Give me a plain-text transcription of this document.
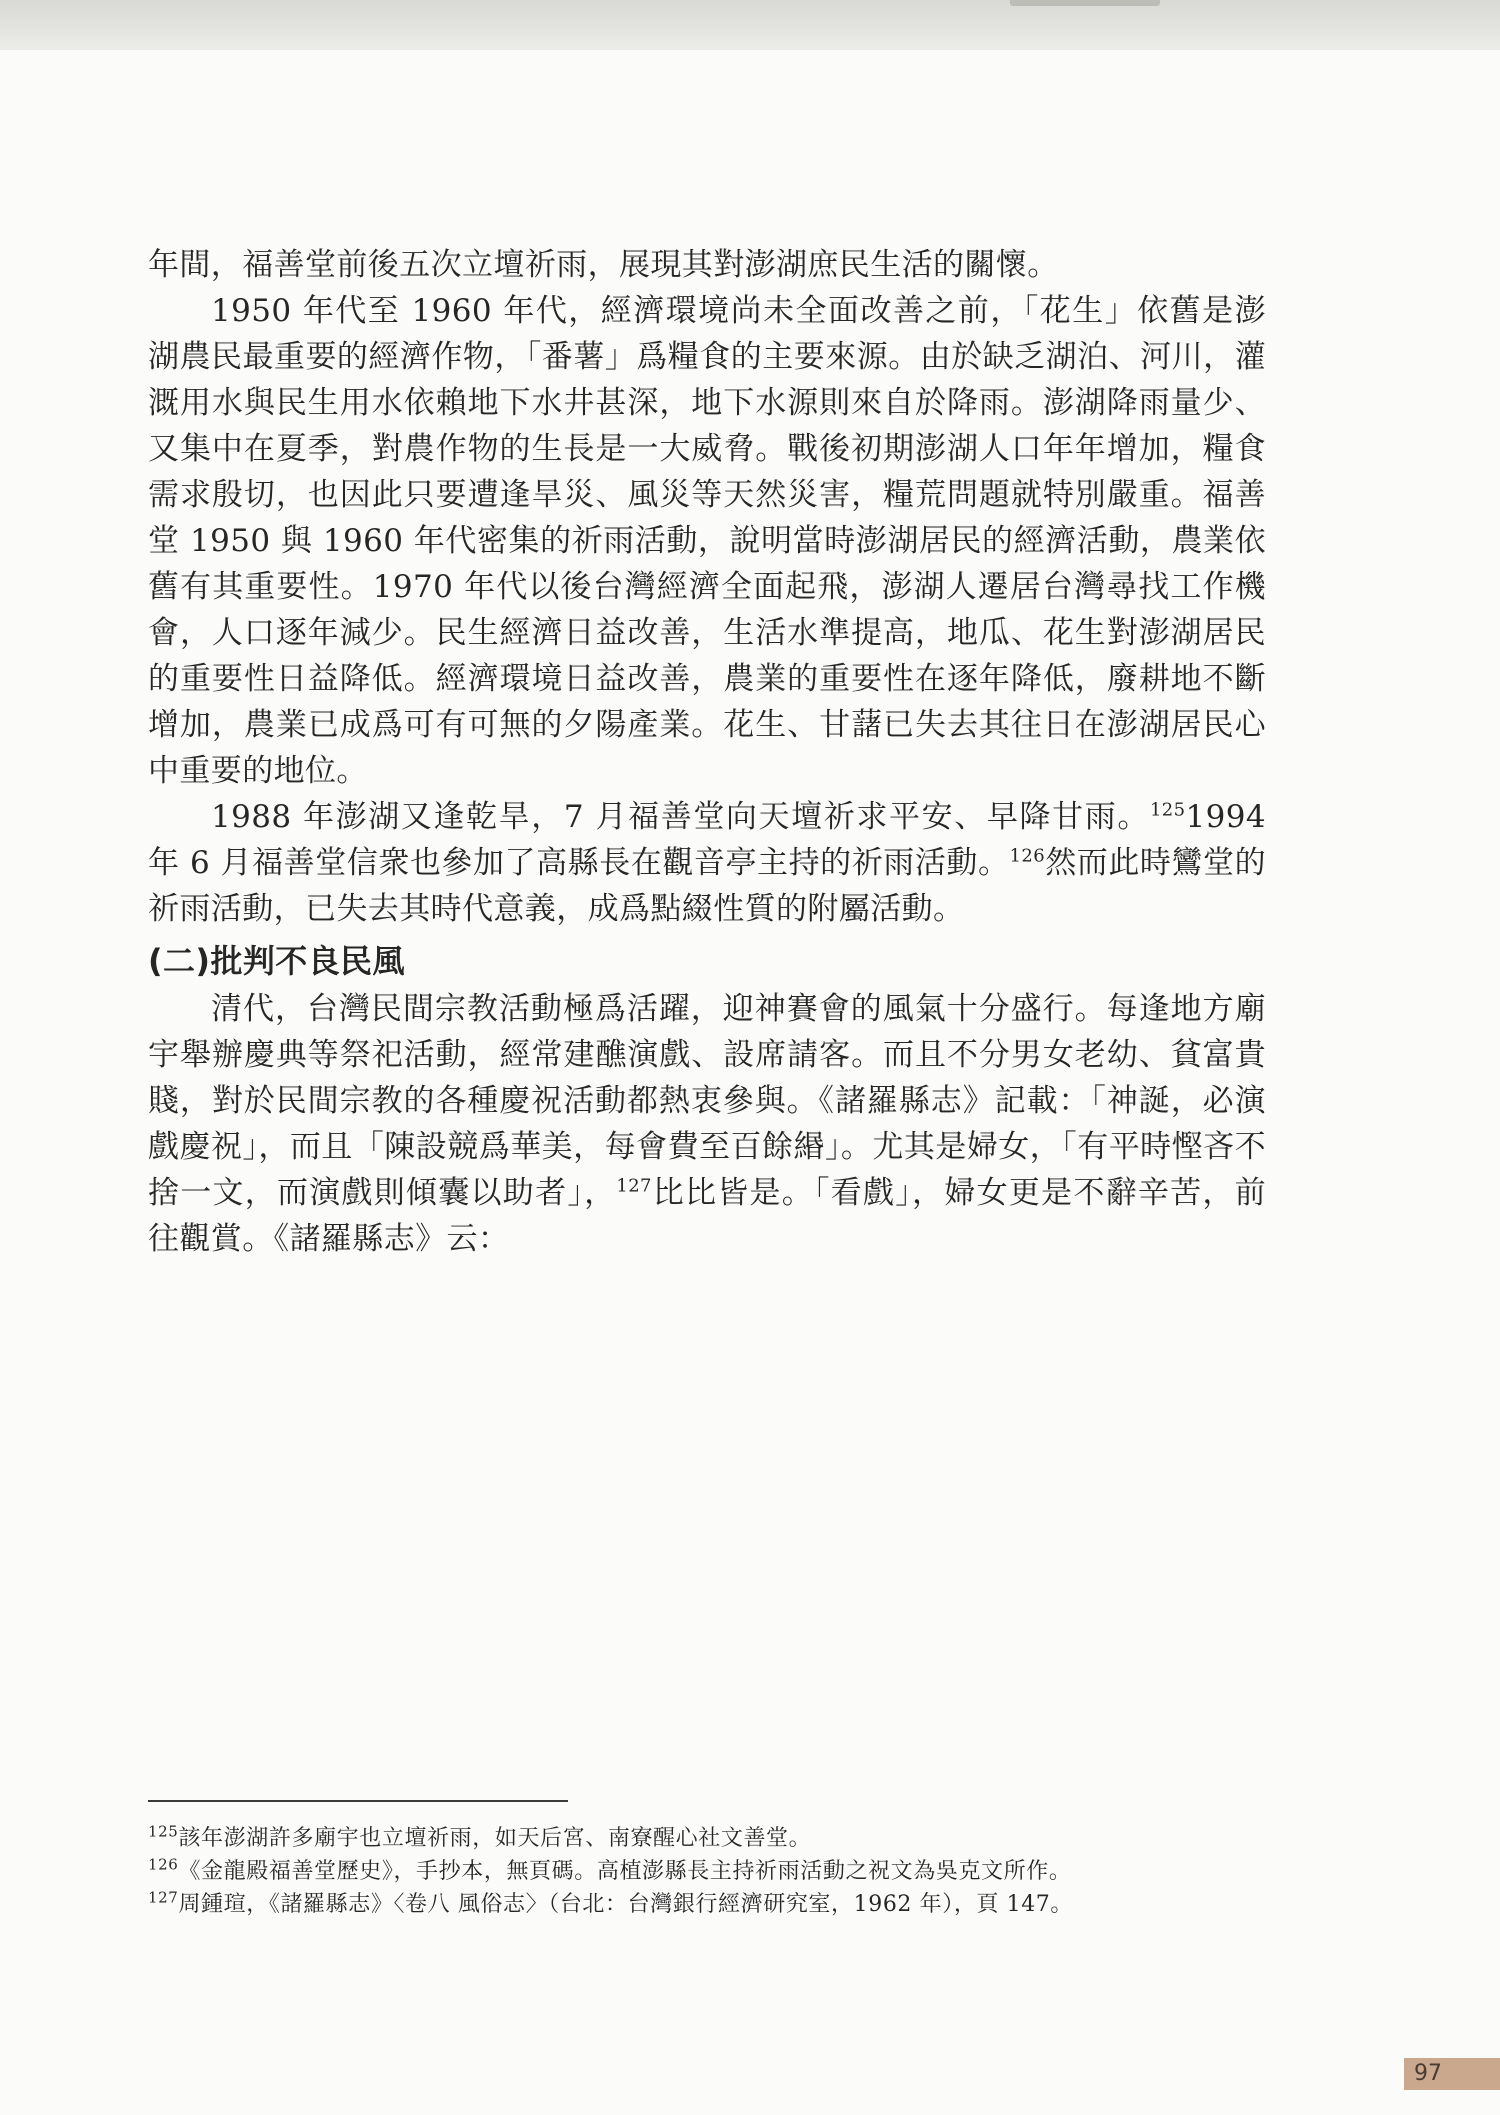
年間，福善堂前後五次立壇祈雨，展現其對澎湖庶民生活的關懷。

1950 年代至 1960 年代，經濟環境尚未全面改善之前，「花生」依舊是澎湖農民最重要的經濟作物，「番薯」爲糧食的主要來源。由於缺乏湖泊、河川，灌溉用水與民生用水依賴地下水井甚深，地下水源則來自於降雨。澎湖降雨量少、又集中在夏季，對農作物的生長是一大威脅。戰後初期澎湖人口年年增加，糧食需求殷切，也因此只要遭逢旱災、風災等天然災害，糧荒問題就特別嚴重。福善堂 1950 與 1960 年代密集的祈雨活動，說明當時澎湖居民的經濟活動，農業依舊有其重要性。1970 年代以後台灣經濟全面起飛，澎湖人遷居台灣尋找工作機會，人口逐年減少。民生經濟日益改善，生活水準提高，地瓜、花生對澎湖居民的重要性日益降低。經濟環境日益改善，農業的重要性在逐年降低，廢耕地不斷增加，農業已成爲可有可無的夕陽產業。花生、甘藷已失去其往日在澎湖居民心中重要的地位。

1988 年澎湖又逢乾旱，7 月福善堂向天壇祈求平安、早降甘雨。$^{125}$1994 年 6 月福善堂信衆也參加了高縣長在觀音亭主持的祈雨活動。$^{126}$然而此時鸞堂的祈雨活動，已失去其時代意義，成爲點綴性質的附屬活動。

(二)批判不良民風

清代，台灣民間宗教活動極爲活躍，迎神賽會的風氣十分盛行。每逢地方廟宇舉辦慶典等祭祀活動，經常建醮演戲、設席請客。而且不分男女老幼、貧富貴賤，對於民間宗教的各種慶祝活動都熱衷參與。《諸羅縣志》記載：「神誕，必演戲慶祝」，而且「陳設競爲華美，每會費至百餘緡」。尤其是婦女，「有平時慳吝不捨一文，而演戲則傾囊以助者」，$^{127}$比比皆是。「看戲」，婦女更是不辭辛苦，前往觀賞。《諸羅縣志》云：

$^{125}$該年澎湖許多廟宇也立壇祈雨，如天后宮、南寮醒心社文善堂。

$^{126}$《金龍殿福善堂歷史》，手抄本，無頁碼。高植澎縣長主持祈雨活動之祝文為吳克文所作。

$^{127}$周鍾瑄，《諸羅縣志》〈卷八 風俗志〉（台北：台灣銀行經濟研究室，1962 年），頁 147。

97
